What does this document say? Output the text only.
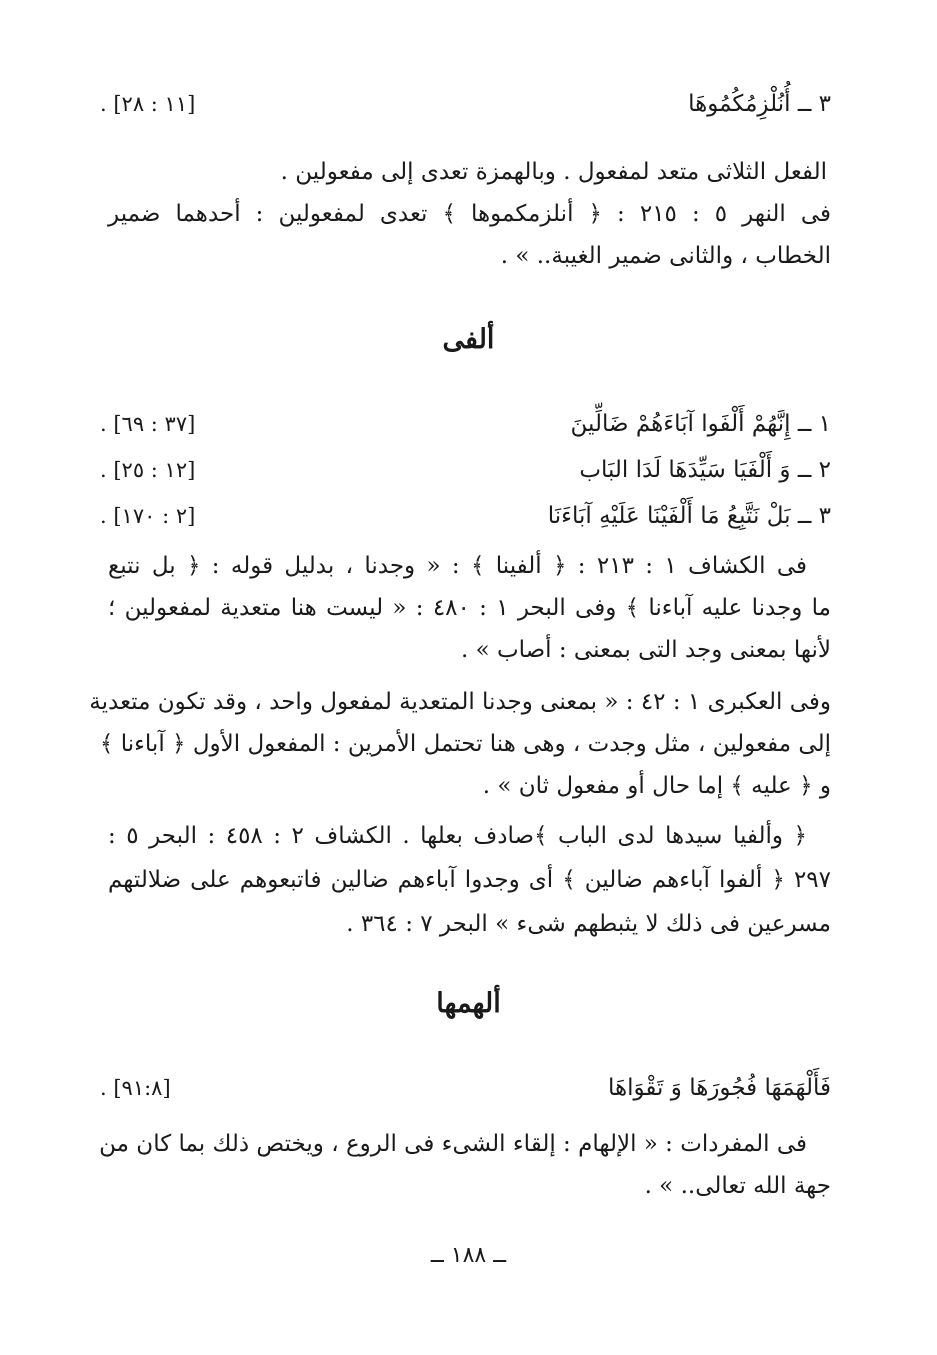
٣ ــ أُنُلْزِمُكُمُوهَا
[١١ : ٢٨] .
الفعل الثلاثى متعد لمفعول . وبالهمزة تعدى إلى مفعولين .
فى النهر ٥ : ٢١٥ : ﴿ أنلزمكموها ﴾ تعدى لمفعولين : أحدهما ضمير
الخطاب ، والثانى ضمير الغيبة.. » .
ألفى
١ ــ إِنَّهُمْ أَلْفَوا آبَاءَهُمْ ضَالِّينَ
[٣٧ : ٦٩] .
٢ ــ وَ أَلْفَيَا سَيِّدَهَا لَدَا البَاب
[١٢ : ٢٥] .
٣ ــ بَلْ نَتَّبِعُ مَا أَلْفَيْنَا عَلَيْهِ آبَاءَنَا
[٢ : ١٧٠] .
فى الكشاف ١ : ٢١٣ : ﴿ ألفينا ﴾ : « وجدنا ، بدليل قوله : ﴿ بل نتبع
ما وجدنا عليه آباءنا ﴾ وفى البحر ١ : ٤٨٠ : « ليست هنا متعدية لمفعولين ؛
لأنها بمعنى وجد التى بمعنى : أصاب » .
وفى العكبرى ١ : ٤٢ : « بمعنى وجدنا المتعدية لمفعول واحد ، وقد تكون متعدية
إلى مفعولين ، مثل وجدت ، وهى هنا تحتمل الأمرين : المفعول الأول ﴿ آباءنا ﴾
و ﴿ عليه ﴾ إما حال أو مفعول ثان » .
﴿ وألفيا سيدها لدى الباب ﴾صادف بعلها . الكشاف ٢ : ٤٥٨ : البحر ٥ :
٢٩٧ ﴿ ألفوا آباءهم ضالين ﴾ أى وجدوا آباءهم ضالين فاتبعوهم على ضلالتهم
مسرعين فى ذلك لا يثبطهم شىء » البحر ٧ : ٣٦٤ .
ألهمها
فَأَلْهَمَهَا فُجُورَهَا وَ تَقْوَاهَا
[٩١:٨] .
فى المفردات : « الإلهام : إلقاء الشىء فى الروع ، ويختص ذلك بما كان من
جهة الله تعالى.. » .
ــ ١٨٨ ــ
